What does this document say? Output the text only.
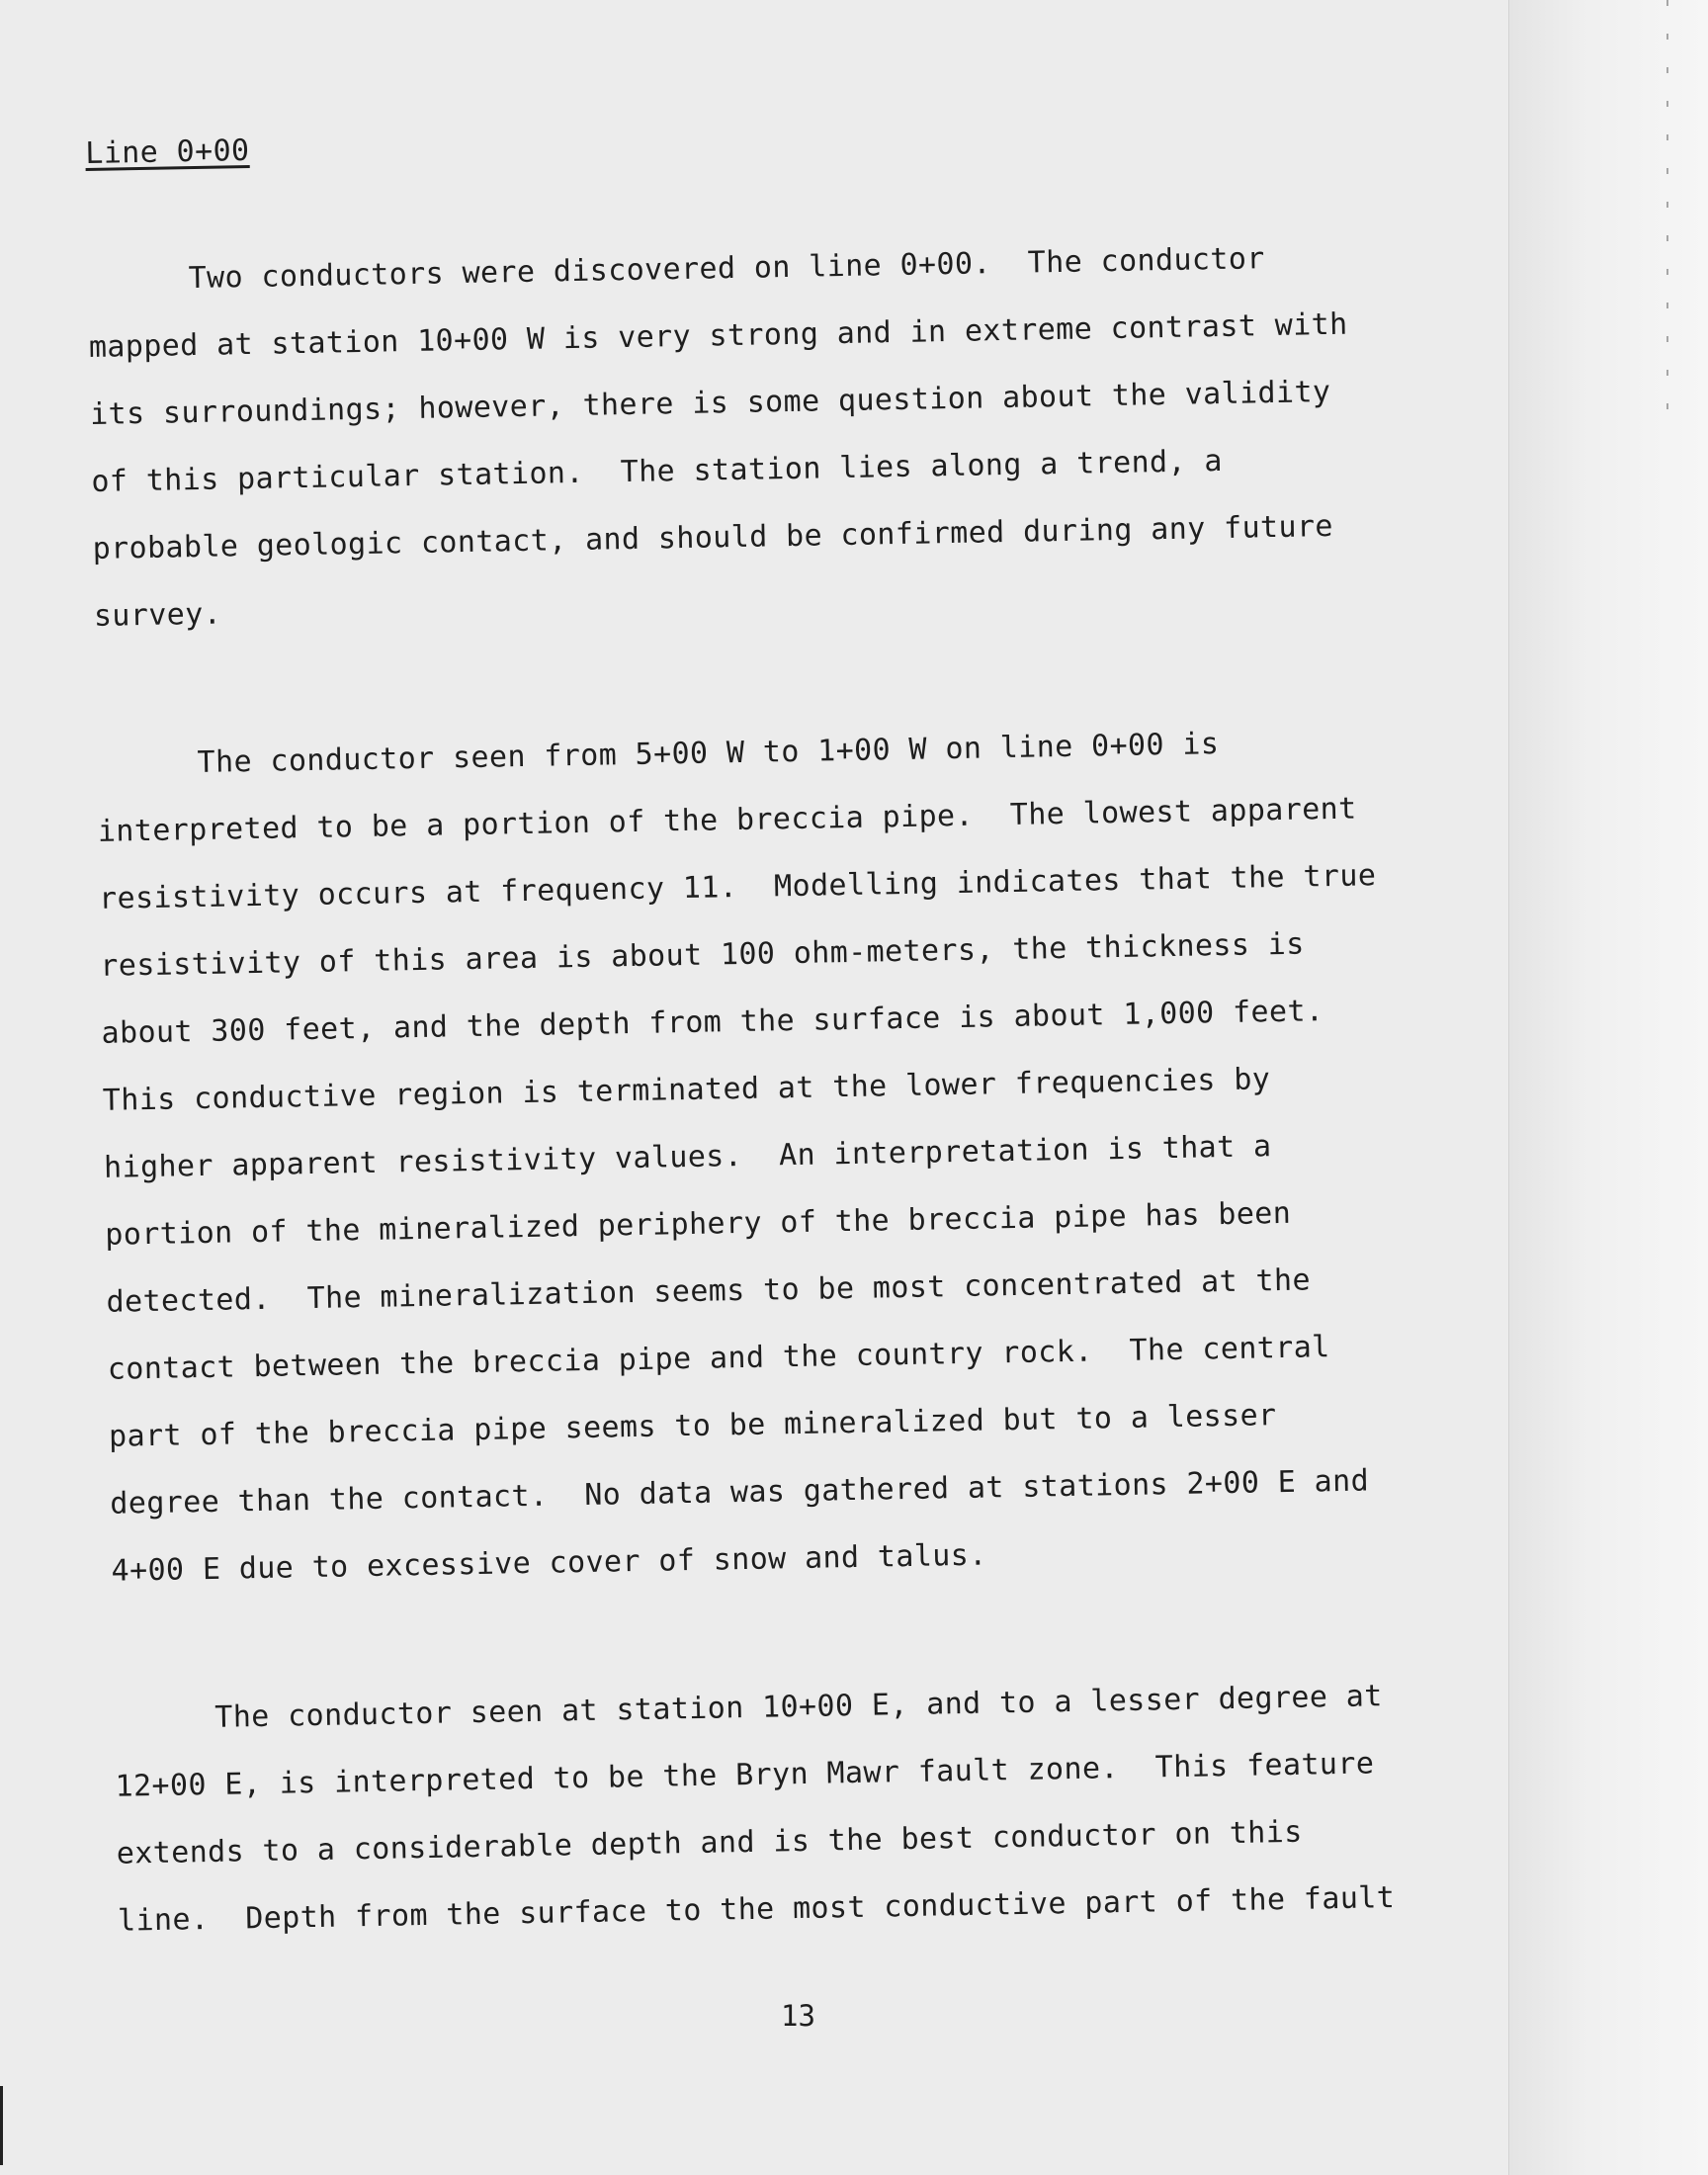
Line 0+00
Two conductors were discovered on line 0+00.  The conductor
mapped at station 10+00 W is very strong and in extreme contrast with
its surroundings; however, there is some question about the validity
of this particular station.  The station lies along a trend, a
probable geologic contact, and should be confirmed during any future
survey.
The conductor seen from 5+00 W to 1+00 W on line 0+00 is
interpreted to be a portion of the breccia pipe.  The lowest apparent
resistivity occurs at frequency 11.  Modelling indicates that the true
resistivity of this area is about 100 ohm-meters, the thickness is
about 300 feet, and the depth from the surface is about 1,000 feet.
This conductive region is terminated at the lower frequencies by
higher apparent resistivity values.  An interpretation is that a
portion of the mineralized periphery of the breccia pipe has been
detected.  The mineralization seems to be most concentrated at the
contact between the breccia pipe and the country rock.  The central
part of the breccia pipe seems to be mineralized but to a lesser
degree than the contact.  No data was gathered at stations 2+00 E and
4+00 E due to excessive cover of snow and talus.
The conductor seen at station 10+00 E, and to a lesser degree at
12+00 E, is interpreted to be the Bryn Mawr fault zone.  This feature
extends to a considerable depth and is the best conductor on this
line.  Depth from the surface to the most conductive part of the fault
13
